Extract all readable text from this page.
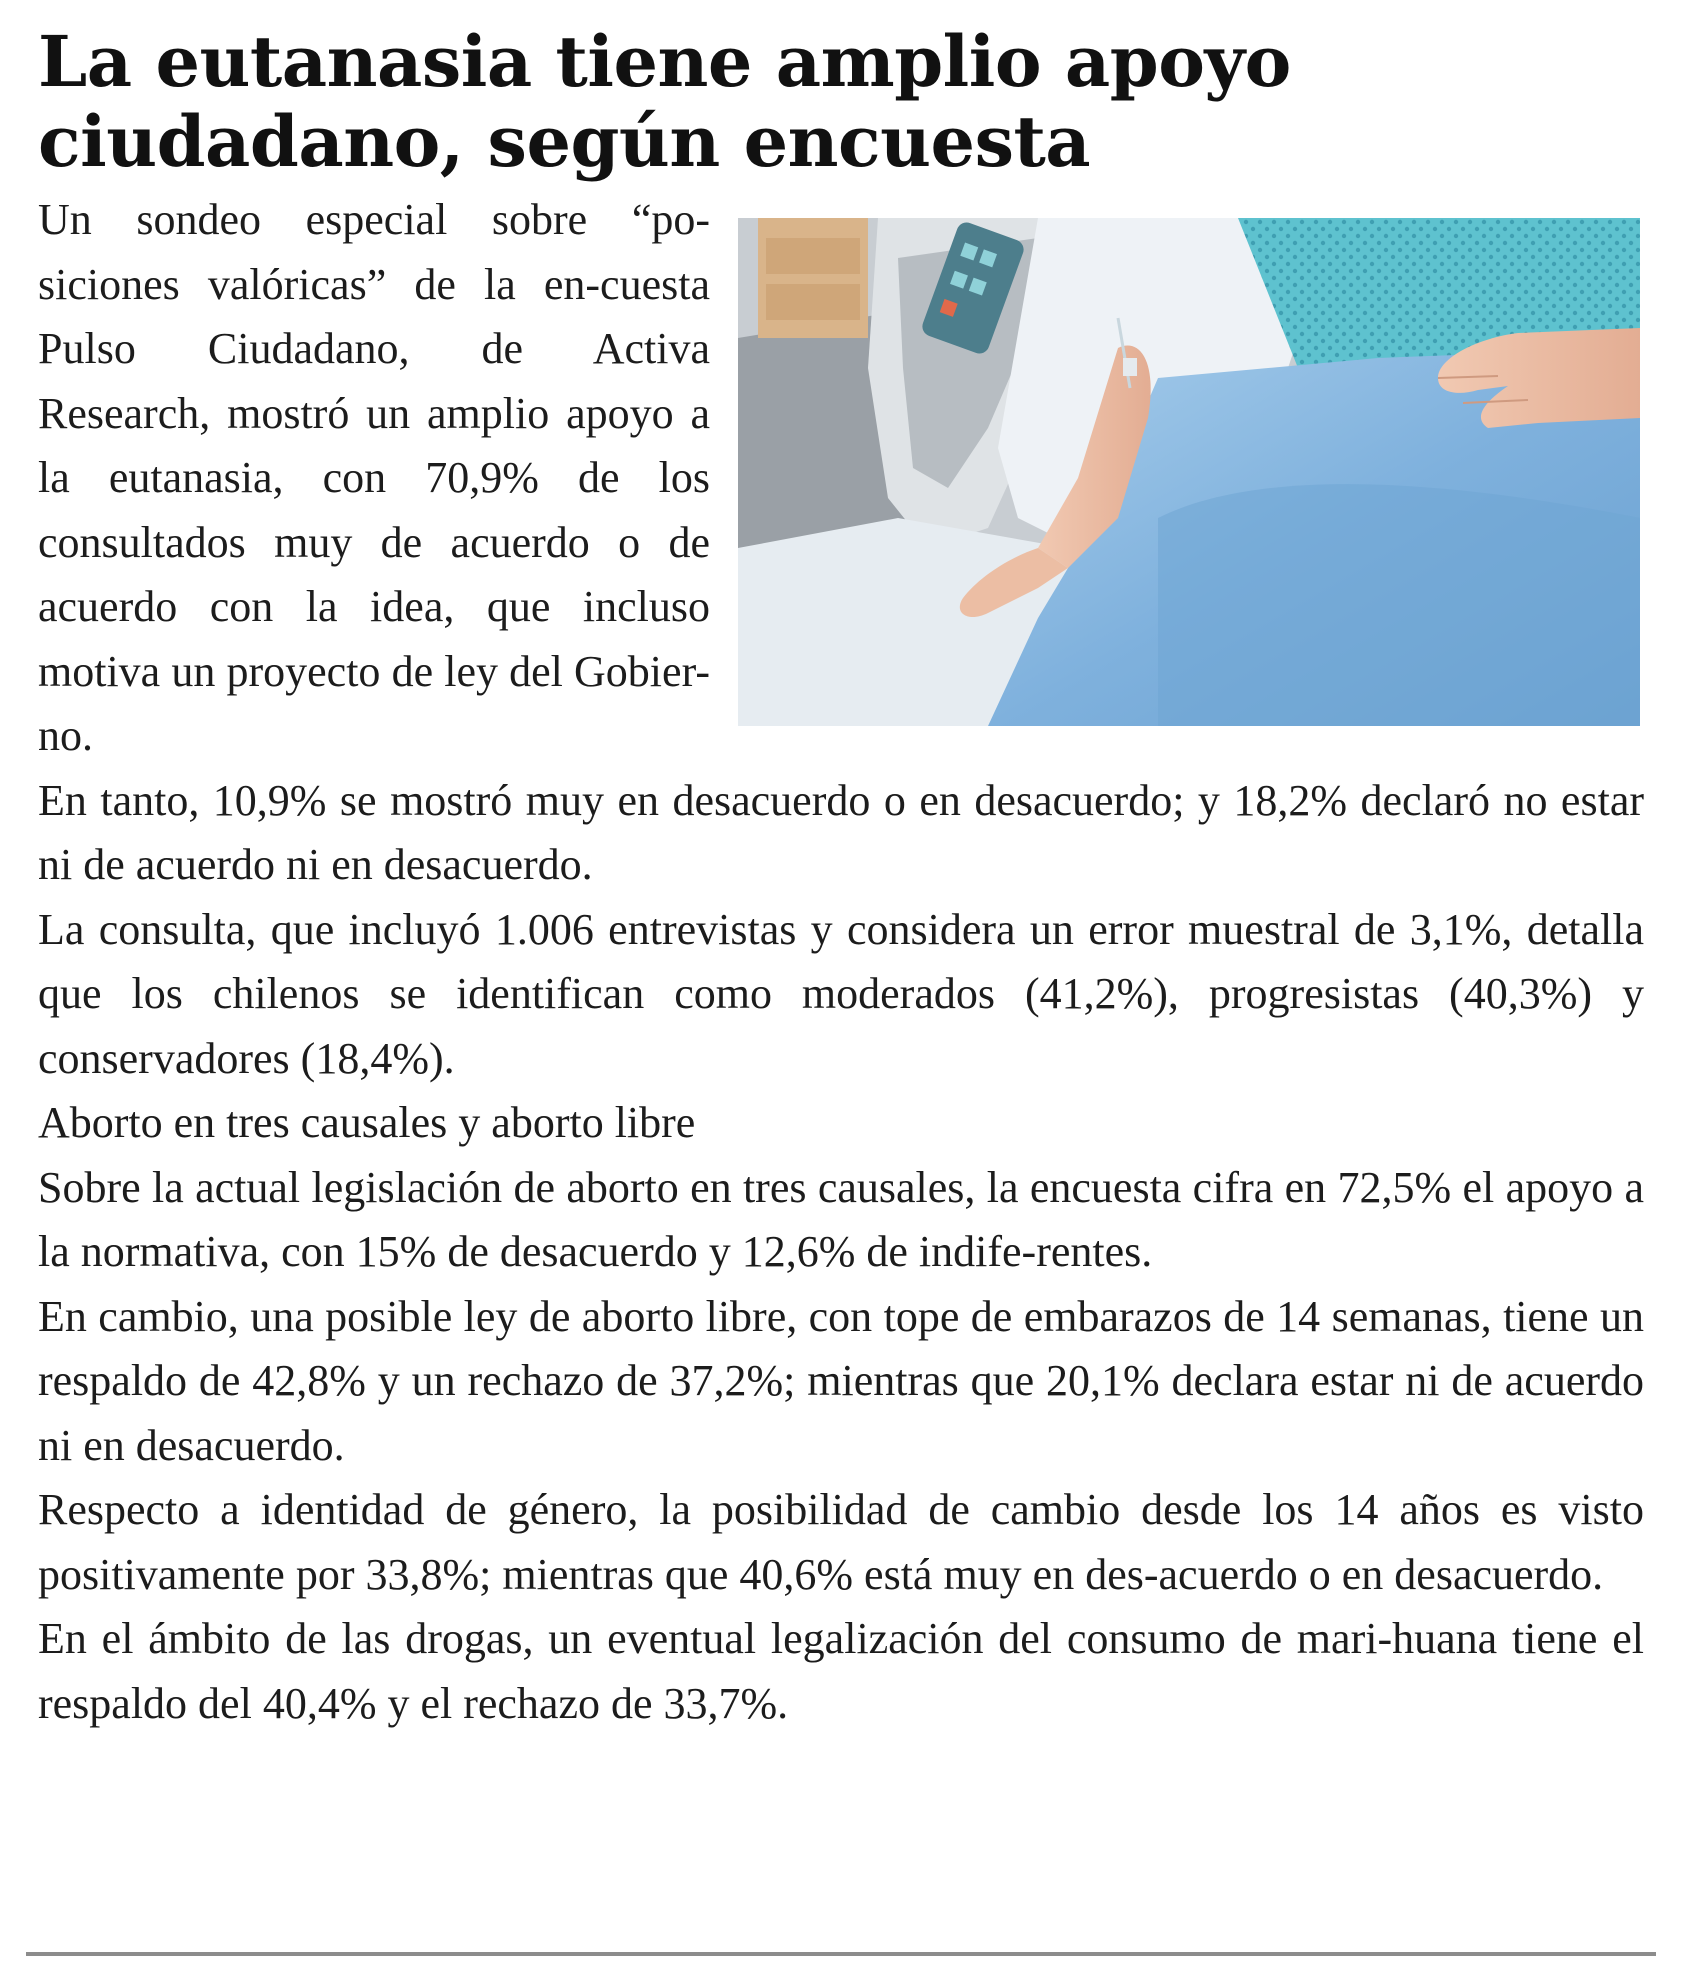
La eutanasia tiene amplio apoyo ciudadano, según encuesta

Un sondeo especial sobre “po-siciones valóricas” de la en-cuesta Pulso Ciudadano, de Activa Research, mostró un amplio apoyo a la eutanasia, con 70,9% de los consultados muy de acuerdo o de acuerdo con la idea, que incluso motiva un proyecto de ley del Gobier-no.

En tanto, 10,9% se mostró muy en desacuerdo o en desacuerdo; y 18,2% declaró no estar ni de acuerdo ni en desacuerdo.

La consulta, que incluyó 1.006 entrevistas y considera un error muestral de 3,1%, detalla que los chilenos se identifican como moderados (41,2%), progresistas (40,3%) y conservadores (18,4%).

Aborto en tres causales y aborto libre

Sobre la actual legislación de aborto en tres causales, la encuesta cifra en 72,5% el apoyo a la normativa, con 15% de desacuerdo y 12,6% de indife-rentes.

En cambio, una posible ley de aborto libre, con tope de embarazos de 14 semanas, tiene un respaldo de 42,8% y un rechazo de 37,2%; mientras que 20,1% declara estar ni de acuerdo ni en desacuerdo.

Respecto a identidad de género, la posibilidad de cambio desde los 14 años es visto positivamente por 33,8%; mientras que 40,6% está muy en des-acuerdo o en desacuerdo.

En el ámbito de las drogas, un eventual legalización del consumo de mari-huana tiene el respaldo del 40,4% y el rechazo de 33,7%.
